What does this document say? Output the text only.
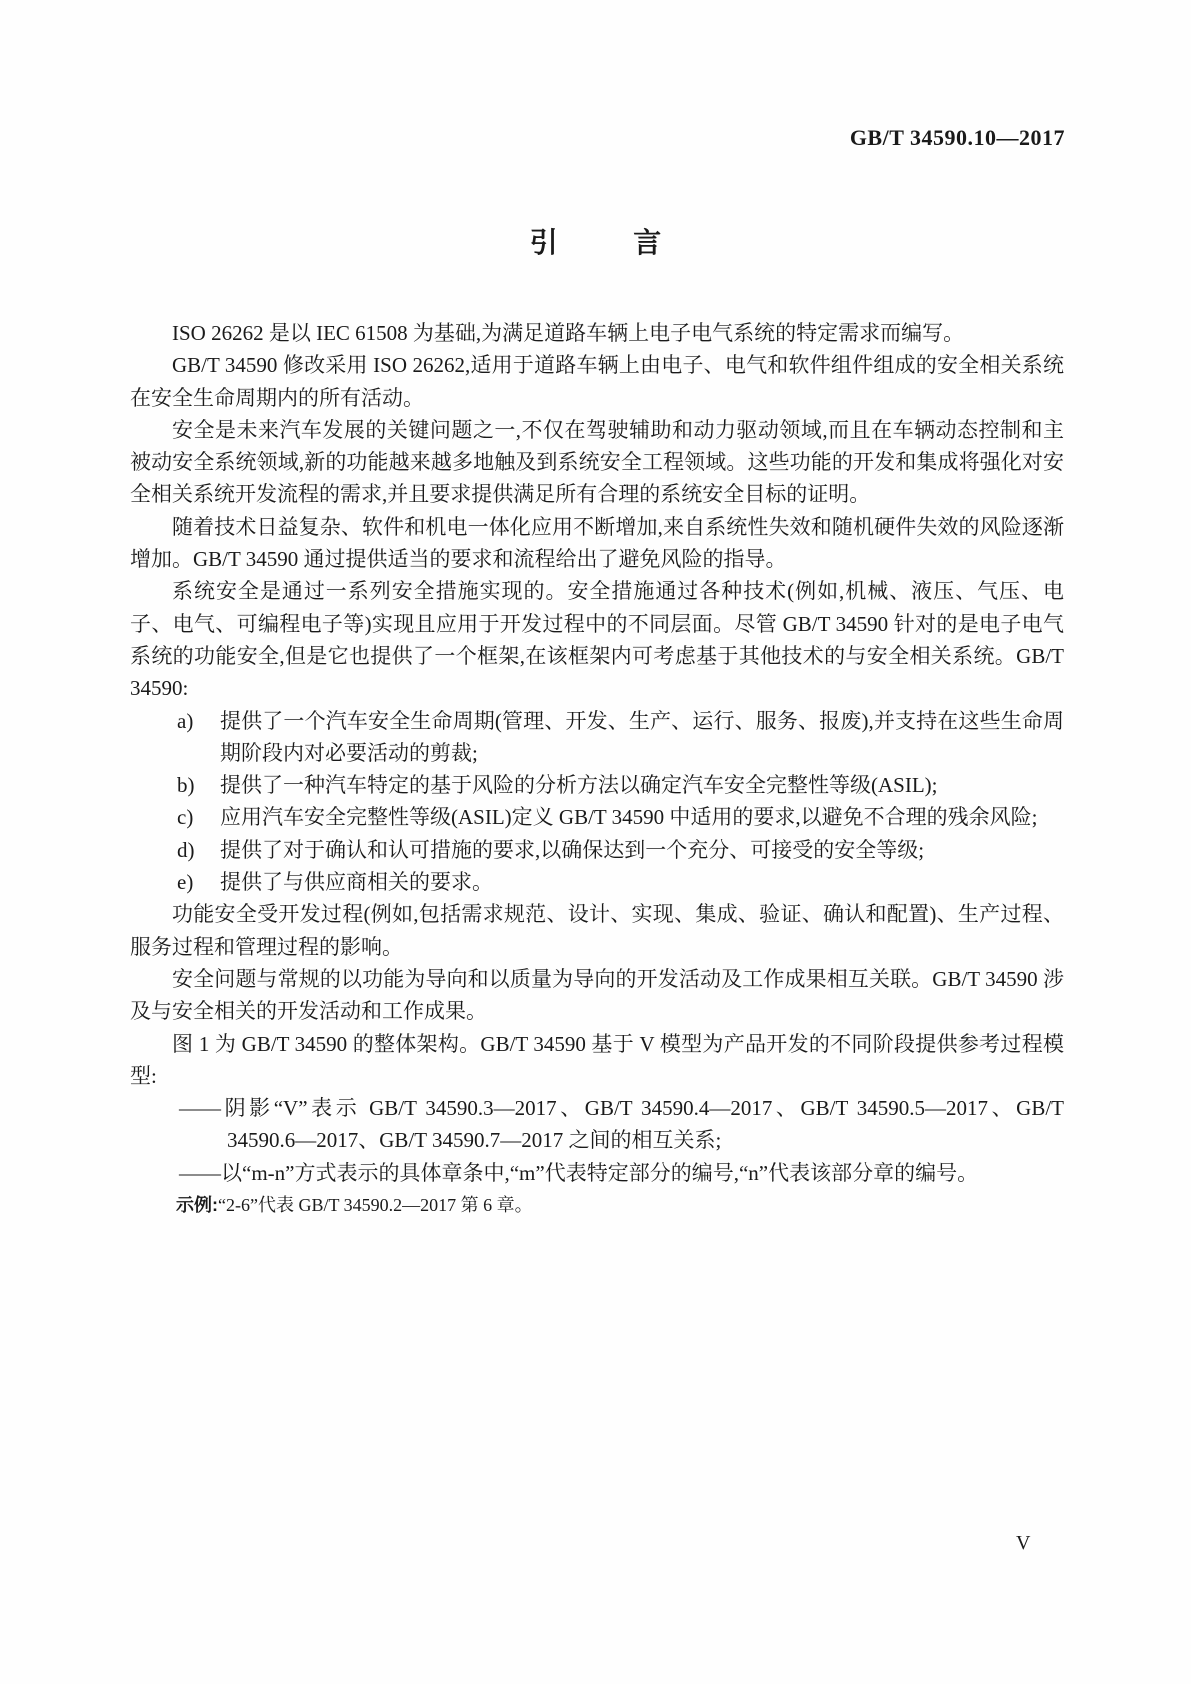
GB/T 34590.10—2017
引言

ISO 26262 是以 IEC 61508 为基础,为满足道路车辆上电子电气系统的特定需求而编写。

GB/T 34590 修改采用 ISO 26262,适用于道路车辆上由电子、电气和软件组件组成的安全相关系统在安全生命周期内的所有活动。

安全是未来汽车发展的关键问题之一,不仅在驾驶辅助和动力驱动领域,而且在车辆动态控制和主被动安全系统领域,新的功能越来越多地触及到系统安全工程领域。这些功能的开发和集成将强化对安全相关系统开发流程的需求,并且要求提供满足所有合理的系统安全目标的证明。

随着技术日益复杂、软件和机电一体化应用不断增加,来自系统性失效和随机硬件失效的风险逐渐增加。GB/T 34590 通过提供适当的要求和流程给出了避免风险的指导。

系统安全是通过一系列安全措施实现的。安全措施通过各种技术(例如,机械、液压、气压、电子、电气、可编程电子等)实现且应用于开发过程中的不同层面。尽管 GB/T 34590 针对的是电子电气系统的功能安全,但是它也提供了一个框架,在该框架内可考虑基于其他技术的与安全相关系统。GB/T 34590:

a) 提供了一个汽车安全生命周期(管理、开发、生产、运行、服务、报废),并支持在这些生命周期阶段内对必要活动的剪裁;
b) 提供了一种汽车特定的基于风险的分析方法以确定汽车安全完整性等级(ASIL);
c) 应用汽车安全完整性等级(ASIL)定义 GB/T 34590 中适用的要求,以避免不合理的残余风险;
d) 提供了对于确认和认可措施的要求,以确保达到一个充分、可接受的安全等级;
e) 提供了与供应商相关的要求。

功能安全受开发过程(例如,包括需求规范、设计、实现、集成、验证、确认和配置)、生产过程、服务过程和管理过程的影响。

安全问题与常规的以功能为导向和以质量为导向的开发活动及工作成果相互关联。GB/T 34590 涉及与安全相关的开发活动和工作成果。

图 1 为 GB/T 34590 的整体架构。GB/T 34590 基于 V 模型为产品开发的不同阶段提供参考过程模型:

——阴影“V”表示 GB/T 34590.3—2017、GB/T 34590.4—2017、GB/T 34590.5—2017、GB/T 34590.6—2017、GB/T 34590.7—2017 之间的相互关系;
——以“m-n”方式表示的具体章条中,“m”代表特定部分的编号,“n”代表该部分章的编号。

示例:“2-6”代表 GB/T 34590.2—2017 第 6 章。

V
